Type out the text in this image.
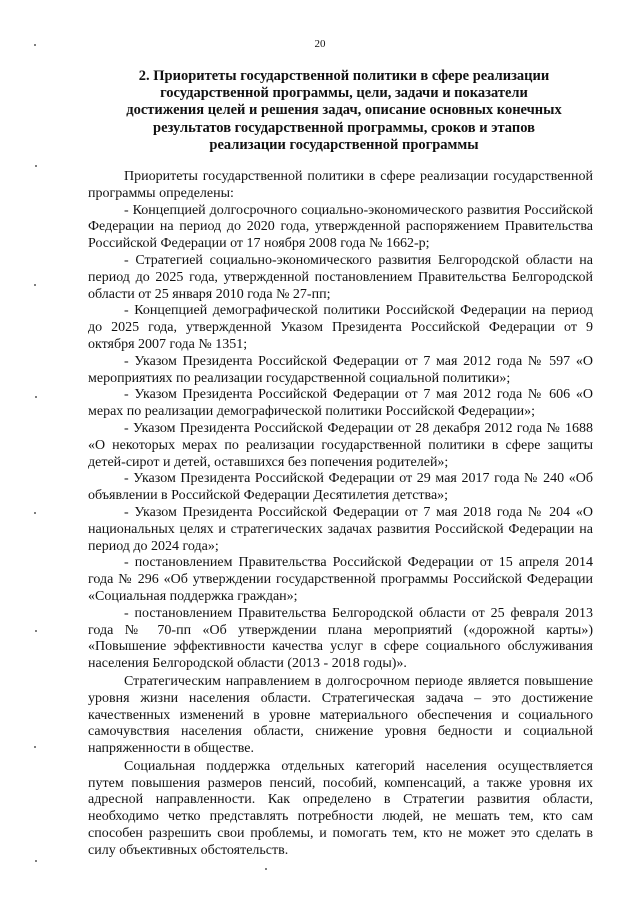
20
2. Приоритеты государственной политики в сфере реализации
государственной программы, цели, задачи и показатели
достижения целей и решения задач, описание основных конечных
результатов государственной программы, сроков и этапов
реализации государственной программы

Приоритеты государственной политики в сфере реализации государственной программы определены:

- Концепцией долгосрочного социально-экономического развития Российской Федерации на период до 2020 года, утвержденной распоряжением Правительства Российской Федерации от 17 ноября 2008 года № 1662-р;

- Стратегией социально-экономического развития Белгородской области на период до 2025 года, утвержденной постановлением Правительства Белгородской области от 25 января 2010 года № 27-пп;

- Концепцией демографической политики Российской Федерации на период до 2025 года, утвержденной Указом Президента Российской Федерации от 9 октября 2007 года № 1351;

- Указом Президента Российской Федерации от 7 мая 2012 года № 597 «О мероприятиях по реализации государственной социальной политики»;

- Указом Президента Российской Федерации от 7 мая 2012 года № 606 «О мерах по реализации демографической политики Российской Федерации»;

- Указом Президента Российской Федерации от 28 декабря 2012 года № 1688 «О некоторых мерах по реализации государственной политики в сфере защиты детей-сирот и детей, оставшихся без попечения родителей»;

- Указом Президента Российской Федерации от 29 мая 2017 года № 240 «Об объявлении в Российской Федерации Десятилетия детства»;

- Указом Президента Российской Федерации от 7 мая 2018 года № 204 «О национальных целях и стратегических задачах развития Российской Федерации на период до 2024 года»;

- постановлением Правительства Российской Федерации от 15 апреля 2014 года № 296 «Об утверждении государственной программы Российской Федерации «Социальная поддержка граждан»;

- постановлением Правительства Белгородской области от 25 февраля 2013 года № 70-пп «Об утверждении плана мероприятий («дорожной карты») «Повышение эффективности качества услуг в сфере социального обслуживания населения Белгородской области (2013 - 2018 годы)».

Стратегическим направлением в долгосрочном периоде является повышение уровня жизни населения области. Стратегическая задача – это достижение качественных изменений в уровне материального обеспечения и социального самочувствия населения области, снижение уровня бедности и социальной напряженности в обществе.

Социальная поддержка отдельных категорий населения осуществляется путем повышения размеров пенсий, пособий, компенсаций, а также уровня их адресной направленности. Как определено в Стратегии развития области, необходимо четко представлять потребности людей, не мешать тем, кто сам способен разрешить свои проблемы, и помогать тем, кто не может это сделать в силу объективных обстоятельств.
